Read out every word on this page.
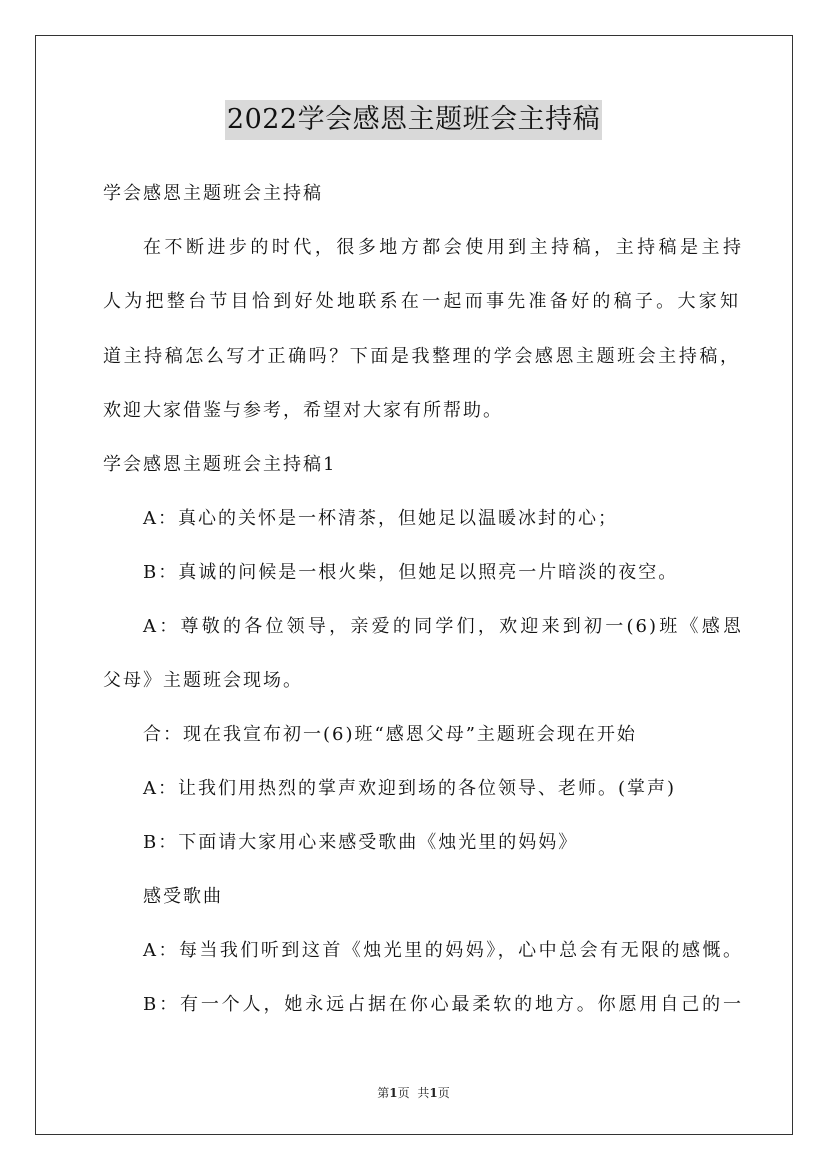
2022学会感恩主题班会主持稿
学会感恩主题班会主持稿
在不断进步的时代，很多地方都会使用到主持稿，主持稿是主持
人为把整台节目恰到好处地联系在一起而事先准备好的稿子。大家知
道主持稿怎么写才正确吗？下面是我整理的学会感恩主题班会主持稿，
欢迎大家借鉴与参考，希望对大家有所帮助。
学会感恩主题班会主持稿1
A：真心的关怀是一杯清茶，但她足以温暖冰封的心；
B：真诚的问候是一根火柴，但她足以照亮一片暗淡的夜空。
A：尊敬的各位领导，亲爱的同学们，欢迎来到初一(6)班《感恩
父母》主题班会现场。
合：现在我宣布初一(6)班“感恩父母”主题班会现在开始
A：让我们用热烈的掌声欢迎到场的各位领导、老师。(掌声)
B：下面请大家用心来感受歌曲《烛光里的妈妈》
感受歌曲
A：每当我们听到这首《烛光里的妈妈》，心中总会有无限的感慨。
B：有一个人，她永远占据在你心最柔软的地方。你愿用自己的一
第1页 共1页
